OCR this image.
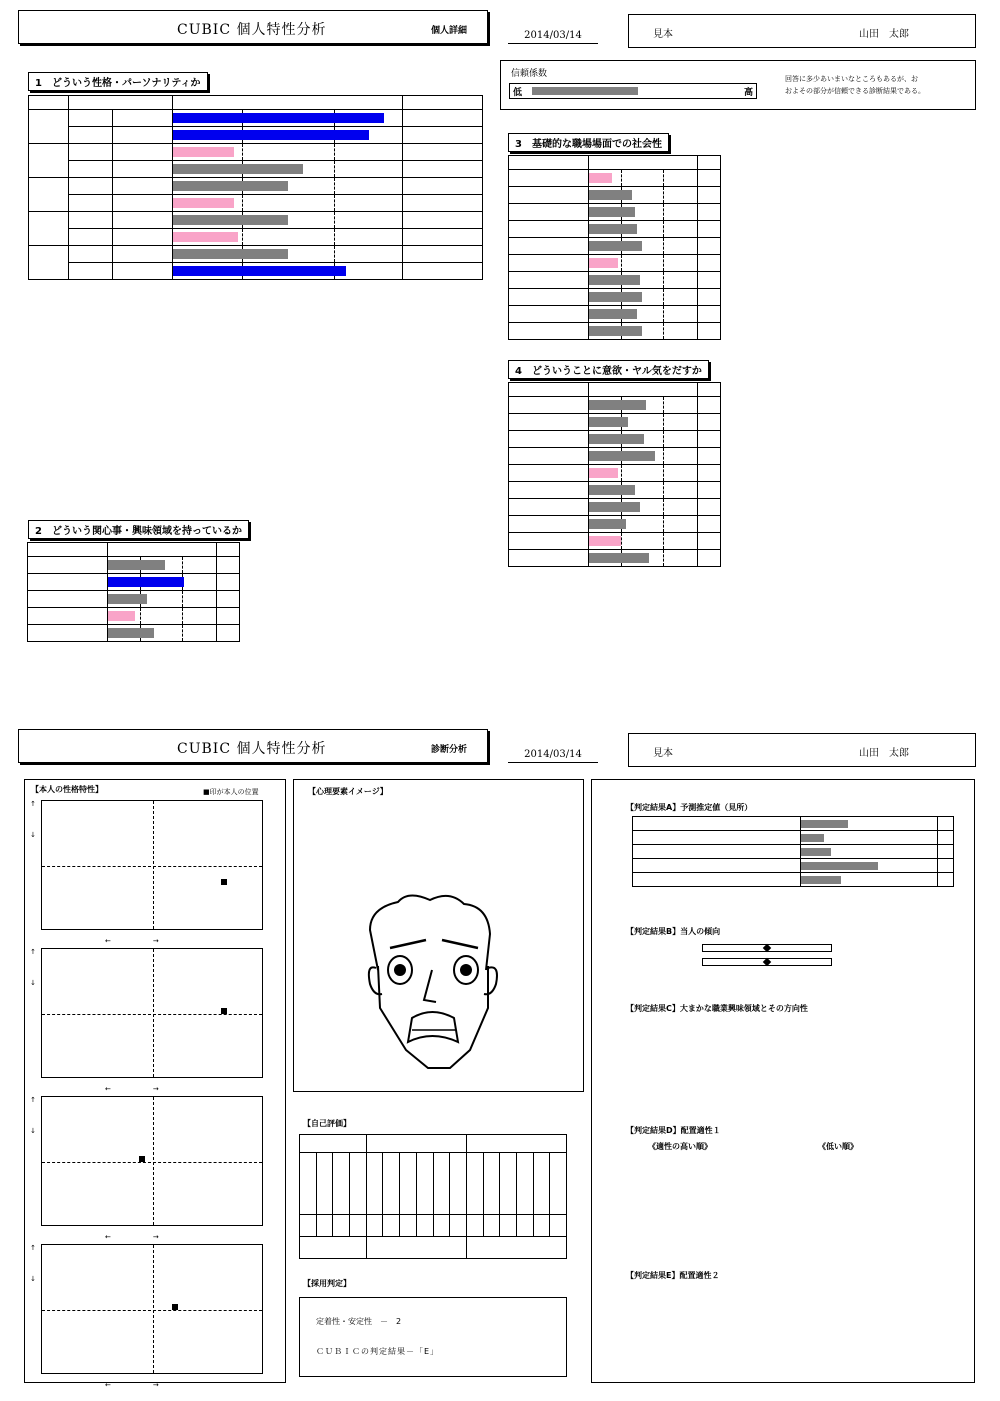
CUBIC 個人特性分析	個人詳細	2014/03/14	見本	山田　太郎
信頼係数
低	高
回答に多少あいまいなところもあるが、お
およその部分が信頼できる診断結果である。
1　どういう性格・パーソナリティか

2　どういう関心事・興味領域を持っているか

3　基礎的な職場場面での社会性

4　どういうことに意欲・ヤル気をだすか

CUBIC 個人特性分析	診断分析	2014/03/14	見本	山田　太郎
【本人の性格特性】	■印が本人の位置
↑
↓
←　　　　　	　→
↑
↓
←　　　　　	　→
↑
↓
←　　　　　	　→
↑
↓
←　　　　　	　→
【心理要素イメージ】
【自己評価】

【採用判定】
定着性・安定性　－　2
ＣＵＢＩＣの判定結果－「E」
【判定結果A】予測推定値（見所）

【判定結果B】当人の傾向
【判定結果C】大まかな職業興味領域とその方向性
【判定結果D】配置適性１
《適性の高い順》	《低い順》
【判定結果E】配置適性２
